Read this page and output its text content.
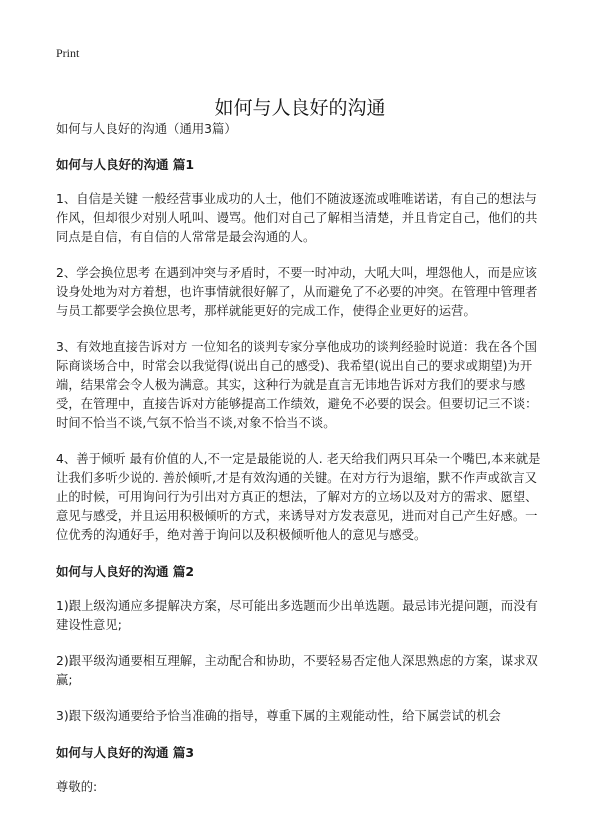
Print
如何与人良好的沟通

如何与人良好的沟通（通用3篇）

如何与人良好的沟通 篇1

1、自信是关键 一般经营事业成功的人士，他们不随波逐流或唯唯诺诺，有自己的想法与作风，但却很少对别人吼叫、谩骂。他们对自己了解相当清楚，并且肯定自己，他们的共同点是自信，有自信的人常常是最会沟通的人。

2、学会换位思考 在遇到冲突与矛盾时，不要一时冲动，大吼大叫，埋怨他人，而是应该设身处地为对方着想，也许事情就很好解了，从而避免了不必要的冲突。在管理中管理者与员工都要学会换位思考，那样就能更好的完成工作，使得企业更好的运营。

3、有效地直接告诉对方 一位知名的谈判专家分享他成功的谈判经验时说道：我在各个国际商谈场合中，时常会以我觉得(说出自己的感受)、我希望(说出自己的要求或期望)为开端，结果常会令人极为满意。其实，这种行为就是直言无讳地告诉对方我们的要求与感受，在管理中，直接告诉对方能够提高工作绩效，避免不必要的误会。但要切记三不谈：时间不恰当不谈,气氛不恰当不谈,对象不恰当不谈。

4、善于倾听 最有价值的人,不一定是最能说的人. 老天给我们两只耳朵一个嘴巴,本来就是让我们多听少说的. 善於倾听,才是有效沟通的关键。在对方行为退缩，默不作声或欲言又止的时候，可用询问行为引出对方真正的想法，了解对方的立场以及对方的需求、愿望、意见与感受，并且运用积极倾听的方式，来诱导对方发表意见，进而对自己产生好感。一位优秀的沟通好手，绝对善于询问以及积极倾听他人的意见与感受。

如何与人良好的沟通 篇2

1)跟上级沟通应多提解决方案，尽可能出多选题而少出单选题。最忌讳光提问题，而没有建设性意见;

2)跟平级沟通要相互理解，主动配合和协助，不要轻易否定他人深思熟虑的方案，谋求双赢;

3)跟下级沟通要给予恰当准确的指导，尊重下属的主观能动性，给下属尝试的机会

如何与人良好的沟通 篇3

尊敬的:
